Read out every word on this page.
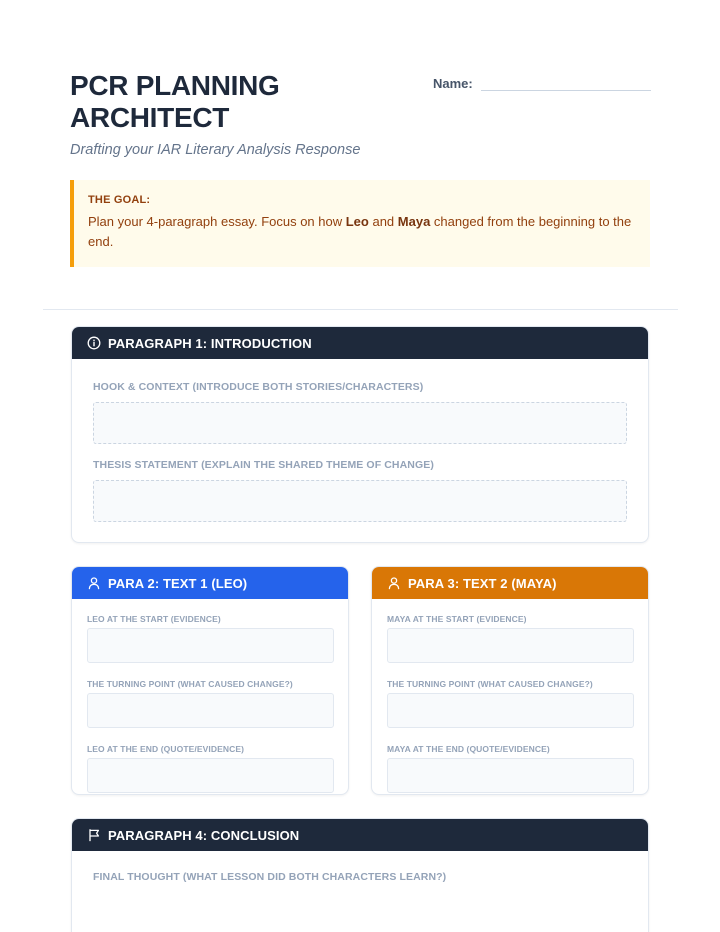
PCR PLANNING ARCHITECT
Drafting your IAR Literary Analysis Response
Name:
THE GOAL:
Plan your 4-paragraph essay. Focus on how Leo and Maya changed from the beginning to the end.
PARAGRAPH 1: INTRODUCTION
HOOK & CONTEXT (INTRODUCE BOTH STORIES/CHARACTERS)
THESIS STATEMENT (EXPLAIN THE SHARED THEME OF CHANGE)
PARA 2: TEXT 1 (LEO)
LEO AT THE START (EVIDENCE)
THE TURNING POINT (WHAT CAUSED CHANGE?)
LEO AT THE END (QUOTE/EVIDENCE)
PARA 3: TEXT 2 (MAYA)
MAYA AT THE START (EVIDENCE)
THE TURNING POINT (WHAT CAUSED CHANGE?)
MAYA AT THE END (QUOTE/EVIDENCE)
PARAGRAPH 4: CONCLUSION
FINAL THOUGHT (WHAT LESSON DID BOTH CHARACTERS LEARN?)
